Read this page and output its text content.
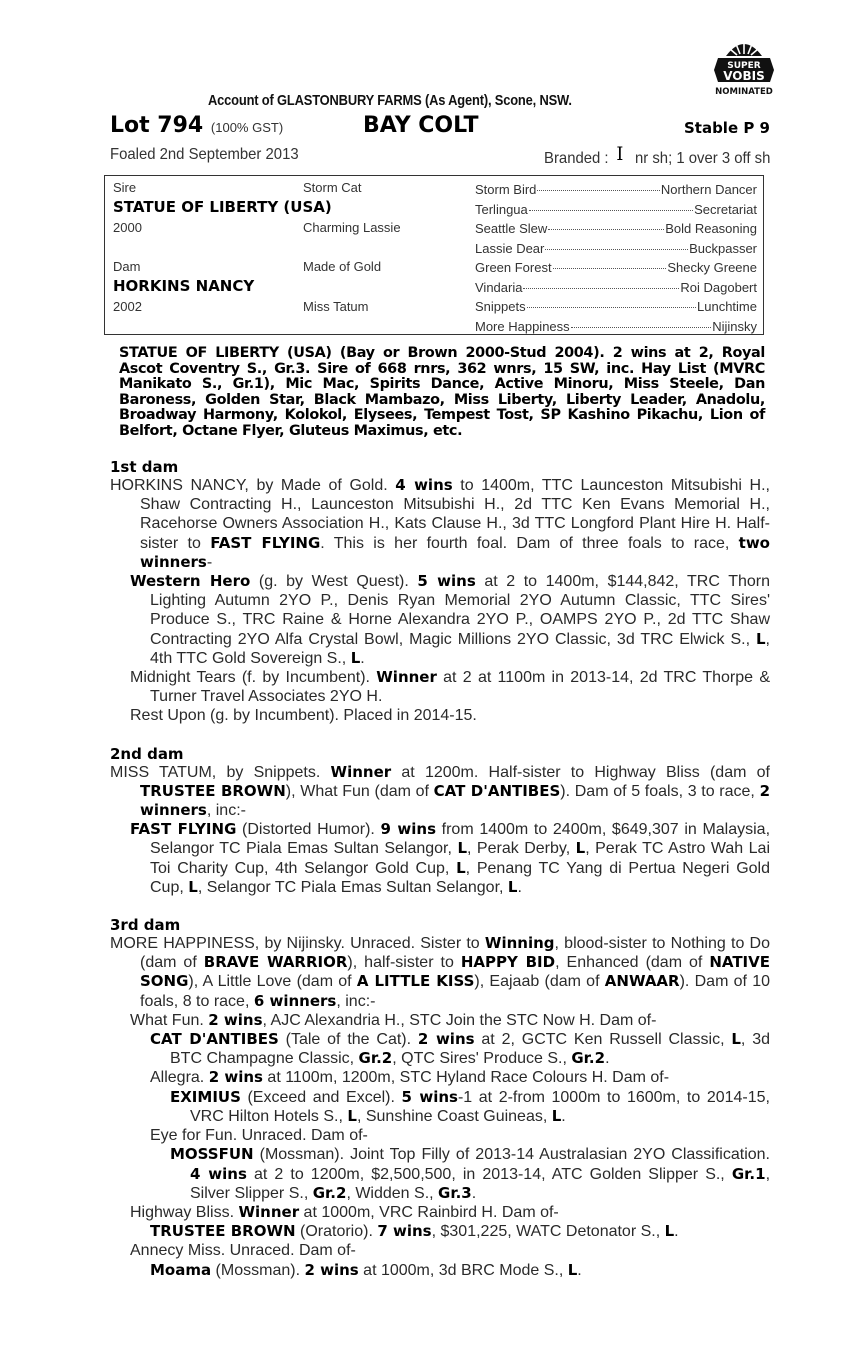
SUPER
VOBIS
NOMINATED
Account of GLASTONBURY FARMS (As Agent), Scone, NSW.
Lot 794 (100% GST)	BAY COLT	Stable P 9
Foaled 2nd September 2013	Branded : I nr sh; 1 over 3 off sh
Sire	Storm Cat
STATUE OF LIBERTY (USA)
2000	Charming Lassie
Dam	Made of Gold
HORKINS NANCY
2002	Miss Tatum
Storm Bird	Northern Dancer
Terlingua	Secretariat
Seattle Slew	Bold Reasoning
Lassie Dear	Buckpasser
Green Forest	Shecky Greene
Vindaria	Roi Dagobert
Snippets	Lunchtime
More Happiness	Nijinsky
STATUE OF LIBERTY (USA) (Bay or Brown 2000-Stud 2004). 2 wins at 2, Royal Ascot Coventry S., Gr.3. Sire of 668 rnrs, 362 wnrs, 15 SW, inc. Hay List (MVRC Manikato S., Gr.1), Mic Mac, Spirits Dance, Active Minoru, Miss Steele, Dan Baroness, Golden Star, Black Mambazo, Miss Liberty, Liberty Leader, Anadolu, Broadway Harmony, Kolokol, Elysees, Tempest Tost, SP Kashino Pikachu, Lion of Belfort, Octane Flyer, Gluteus Maximus, etc.
1st dam
HORKINS NANCY, by Made of Gold. 4 wins to 1400m, TTC Launceston Mitsubishi H., Shaw Contracting H., Launceston Mitsubishi H., 2d TTC Ken Evans Memorial H., Racehorse Owners Association H., Kats Clause H., 3d TTC Longford Plant Hire H. Half-sister to FAST FLYING. This is her fourth foal. Dam of three foals to race, two winners-
Western Hero (g. by West Quest). 5 wins at 2 to 1400m, $144,842, TRC Thorn Lighting Autumn 2YO P., Denis Ryan Memorial 2YO Autumn Classic, TTC Sires' Produce S., TRC Raine & Horne Alexandra 2YO P., OAMPS 2YO P., 2d TTC Shaw Contracting 2YO Alfa Crystal Bowl, Magic Millions 2YO Classic, 3d TRC Elwick S., L, 4th TTC Gold Sovereign S., L.
Midnight Tears (f. by Incumbent). Winner at 2 at 1100m in 2013-14, 2d TRC Thorpe & Turner Travel Associates 2YO H.
Rest Upon (g. by Incumbent). Placed in 2014-15.
2nd dam
MISS TATUM, by Snippets. Winner at 1200m. Half-sister to Highway Bliss (dam of TRUSTEE BROWN), What Fun (dam of CAT D'ANTIBES). Dam of 5 foals, 3 to race, 2 winners, inc:-
FAST FLYING (Distorted Humor). 9 wins from 1400m to 2400m, $649,307 in Malaysia, Selangor TC Piala Emas Sultan Selangor, L, Perak Derby, L, Perak TC Astro Wah Lai Toi Charity Cup, 4th Selangor Gold Cup, L, Penang TC Yang di Pertua Negeri Gold Cup, L, Selangor TC Piala Emas Sultan Selangor, L.
3rd dam
MORE HAPPINESS, by Nijinsky. Unraced. Sister to Winning, blood-sister to Nothing to Do (dam of BRAVE WARRIOR), half-sister to HAPPY BID, Enhanced (dam of NATIVE SONG), A Little Love (dam of A LITTLE KISS), Eajaab (dam of ANWAAR). Dam of 10 foals, 8 to race, 6 winners, inc:-
What Fun. 2 wins, AJC Alexandria H., STC Join the STC Now H. Dam of-
CAT D'ANTIBES (Tale of the Cat). 2 wins at 2, GCTC Ken Russell Classic, L, 3d BTC Champagne Classic, Gr.2, QTC Sires' Produce S., Gr.2.
Allegra. 2 wins at 1100m, 1200m, STC Hyland Race Colours H. Dam of-
EXIMIUS (Exceed and Excel). 5 wins-1 at 2-from 1000m to 1600m, to 2014-15, VRC Hilton Hotels S., L, Sunshine Coast Guineas, L.
Eye for Fun. Unraced. Dam of-
MOSSFUN (Mossman). Joint Top Filly of 2013-14 Australasian 2YO Classification. 4 wins at 2 to 1200m, $2,500,500, in 2013-14, ATC Golden Slipper S., Gr.1, Silver Slipper S., Gr.2, Widden S., Gr.3.
Highway Bliss. Winner at 1000m, VRC Rainbird H. Dam of-
TRUSTEE BROWN (Oratorio). 7 wins, $301,225, WATC Detonator S., L.
Annecy Miss. Unraced. Dam of-
Moama (Mossman). 2 wins at 1000m, 3d BRC Mode S., L.
